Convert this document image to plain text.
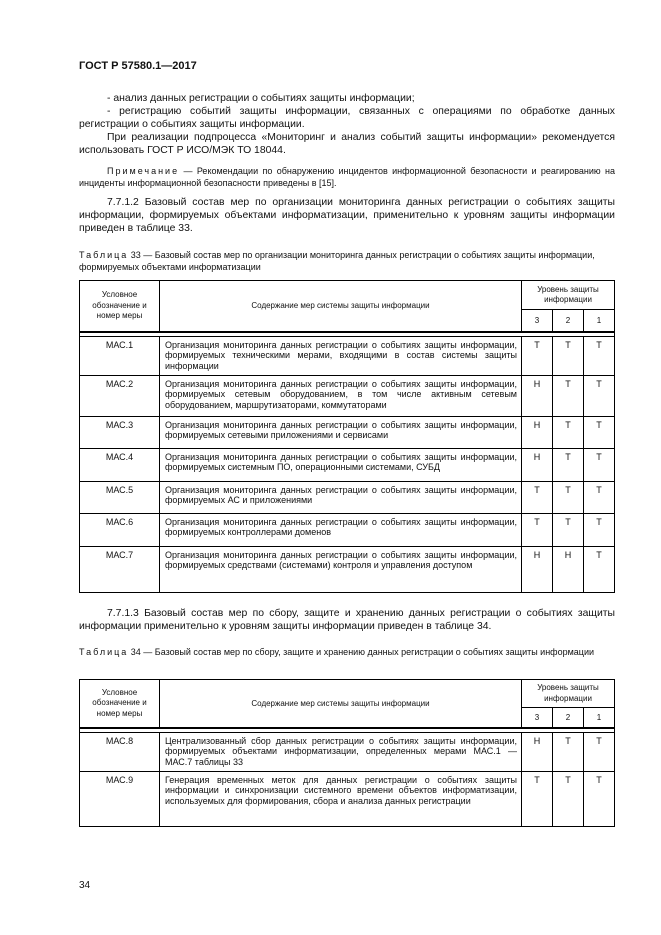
ГОСТ Р 57580.1—2017
- анализ данных регистрации о событиях защиты информации;
- регистрацию событий защиты информации, связанных с операциями по обработке данных регистрации о событиях защиты информации.
При реализации подпроцесса «Мониторинг и анализ событий защиты информации» рекомендуется использовать ГОСТ Р ИСО/МЭК ТО 18044.
Примечание — Рекомендации по обнаружению инцидентов информационной безопасности и реагированию на инциденты информационной безопасности приведены в [15].
7.7.1.2 Базовый состав мер по организации мониторинга данных регистрации о событиях защиты информации, формируемых объектами информатизации, применительно к уровням защиты информации приведен в таблице 33.
Таблица 33 — Базовый состав мер по организации мониторинга данных регистрации о событиях защиты информации, формируемых объектами информатизации
Условное обозначение и номер меры	Содержание мер системы защиты информации	Уровень защиты информации		
		3	2	1

МАС.1	Организация мониторинга данных регистрации о событиях защиты информации, формируемых техническими мерами, входящими в состав системы защиты информации	Т	Т	Т
МАС.2	Организация мониторинга данных регистрации о событиях защиты информации, формируемых сетевым оборудованием, в том числе активным сетевым оборудованием, маршрутизаторами, коммутаторами	Н	Т	Т
МАС.3	Организация мониторинга данных регистрации о событиях защиты информации, формируемых сетевыми приложениями и сервисами	Н	Т	Т
МАС.4	Организация мониторинга данных регистрации о событиях защиты информации, формируемых системным ПО, операционными системами, СУБД	Н	Т	Т
МАС.5	Организация мониторинга данных регистрации о событиях защиты информации, формируемых АС и приложениями	Т	Т	Т
МАС.6	Организация мониторинга данных регистрации о событиях защиты информации, формируемых контроллерами доменов	Т	Т	Т
МАС.7	Организация мониторинга данных регистрации о событиях защиты информации, формируемых средствами (системами) контроля и управления доступом	Н	Н	Т
7.7.1.3 Базовый состав мер по сбору, защите и хранению данных регистрации о событиях защиты информации применительно к уровням защиты информации приведен в таблице 34.
Таблица 34 — Базовый состав мер по сбору, защите и хранению данных регистрации о событиях защиты информации
Условное обозначение и номер меры	Содержание мер системы защиты информации	Уровень защиты информации		
		3	2	1

МАС.8	Централизованный сбор данных регистрации о событиях защиты информации, формируемых объектами информатизации, определенных мерами МАС.1 — МАС.7 таблицы 33	Н	Т	Т
МАС.9	Генерация временных меток для данных регистрации о событиях защиты информации и синхронизации системного времени объектов информатизации, используемых для формирования, сбора и анализа данных регистрации	Т	Т	Т
34
